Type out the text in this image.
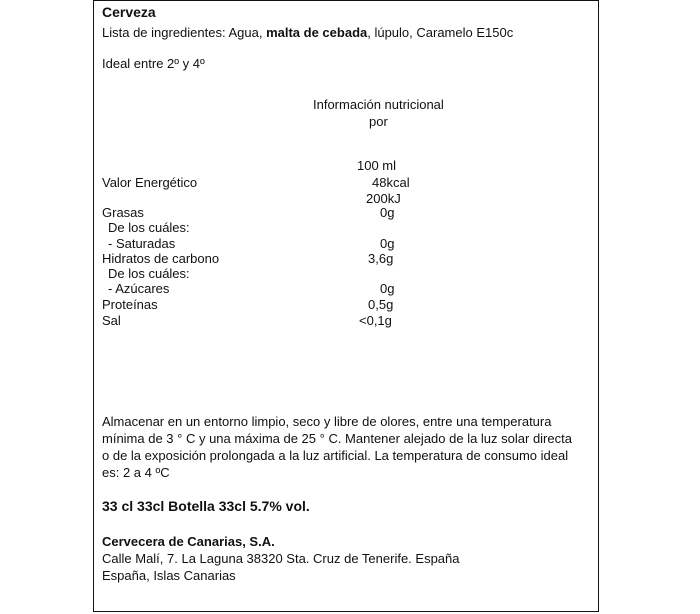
Cerveza
Lista de ingredientes: Agua, malta de cebada, lúpulo, Caramelo E150c
Ideal entre 2º y 4º
Información nutricional
por
100 ml
Valor Energético	48kcal
200kJ
Grasas	0g
De los cuáles:
- Saturadas	0g
Hidratos de carbono	3,6g
De los cuáles:
- Azúcares	0g
Proteínas	0,5g
Sal	<0,1g
Almacenar en un entorno limpio, seco y libre de olores, entre una temperatura mínima de 3 ° C y una máxima de 25 ° C. Mantener alejado de la luz solar directa o de la exposición prolongada a la luz artificial. La temperatura de consumo ideal es: 2 a 4 ºC
33 cl 33cl Botella 33cl 5.7% vol.
Cervecera de Canarias, S.A.
Calle Malí, 7. La Laguna 38320 Sta. Cruz de Tenerife. España
España, Islas Canarias
